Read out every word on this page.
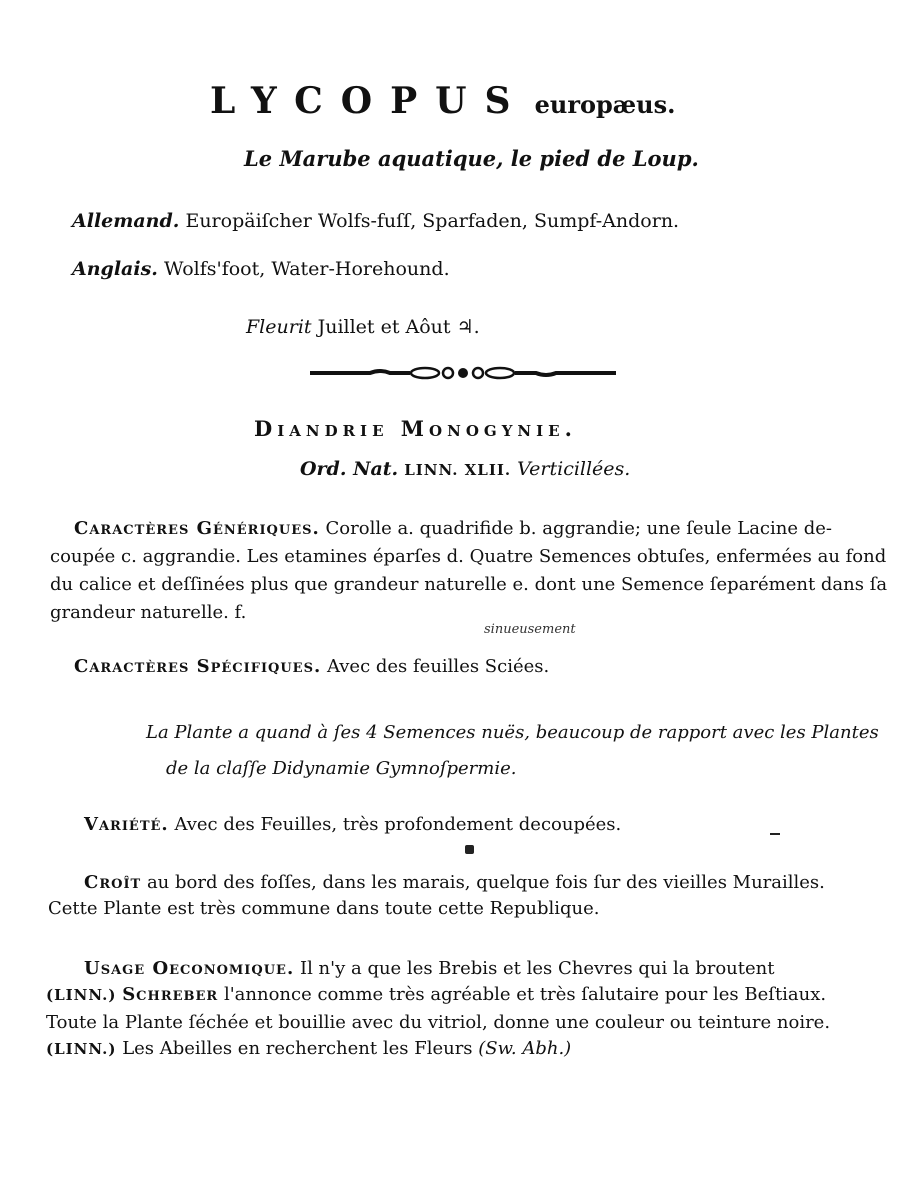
LYCOPUS europæus.
Le Marube aquatique, le pied de Loup.
Allemand. Europäiſcher Wolfs-fuſſ, Sparfaden, Sumpf-Andorn.
Anglais. Wolfs'foot, Water-Horehound.
Fleurit Juillet et Aôut ♃.
Diandrie Monogynie.
Ord. Nat. LINN. XLII. Verticillées.
Caractères Génériques. Corolle a. quadrifide b. aggrandie; une ſeule Lacine de-
coupée c. aggrandie. Les etamines éparſes d. Quatre Semences obtuſes, enfermées au fond
du calice et deſſinées plus que grandeur naturelle e. dont une Semence ſeparément dans ſa
grandeur naturelle. f.
sinueusement
Caractères Spécifiques. Avec des feuilles Sciées.
La Plante a quand à ſes 4 Semences nuës, beaucoup de rapport avec les Plantes
de la claſſe Didynamie Gymnoſpermie.
Variété. Avec des Feuilles, très profondement decoupées.
Croît au bord des foſſes, dans les marais, quelque fois ſur des vieilles Murailles.
Cette Plante est très commune dans toute cette Republique.
Usage Oeconomique. Il n'y a que les Brebis et les Chevres qui la broutent
(LINN.) Schreber l'annonce comme très agréable et très ſalutaire pour les Beſtiaux.
Toute la Plante ſéchée et bouillie avec du vitriol, donne une couleur ou teinture noire.
(LINN.) Les Abeilles en recherchent les Fleurs (Sw. Abh.)
